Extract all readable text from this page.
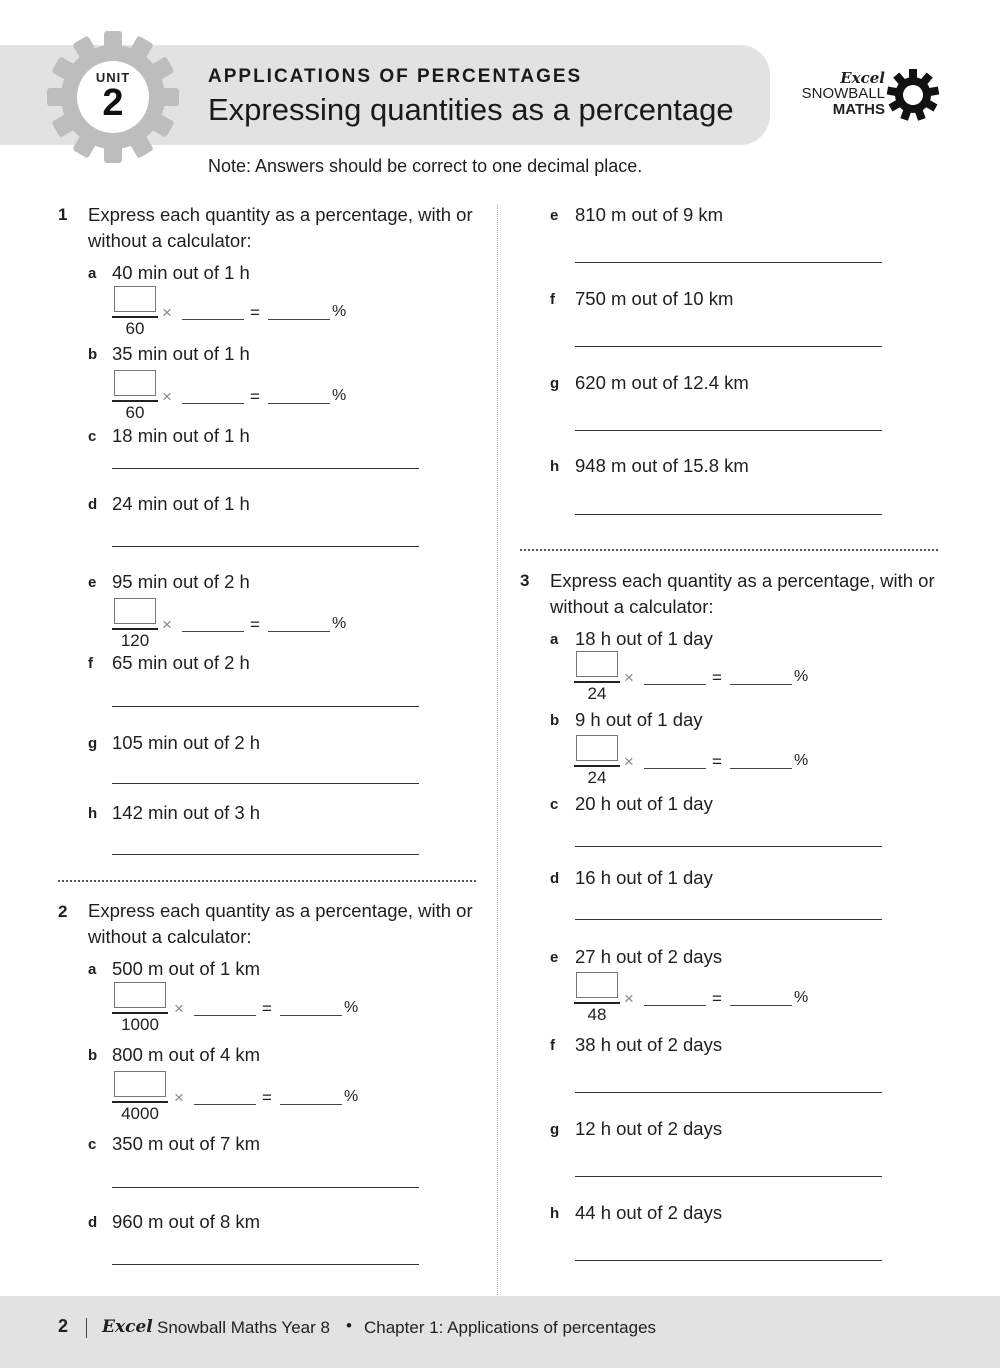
UNIT
2
APPLICATIONS OF PERCENTAGES
Expressing quantities as a percentage
Excel
SNOWBALL
MATHS
Note: Answers should be correct to one decimal place.
1 Express each quantity as a percentage, with or without a calculator:
a 40 min out of 1 h
60
×	=	%
b 35 min out of 1 h
60
×	=	%
c 18 min out of 1 h
d 24 min out of 1 h
e 95 min out of 2 h
120
×	=	%
f 65 min out of 2 h
g 105 min out of 2 h
h 142 min out of 3 h
2 Express each quantity as a percentage, with or without a calculator:
a 500 m out of 1 km
1000
×	=	%
b 800 m out of 4 km
4000
×	=	%
c 350 m out of 7 km
d 960 m out of 8 km
e 810 m out of 9 km
f 750 m out of 10 km
g 620 m out of 12.4 km
h 948 m out of 15.8 km
3 Express each quantity as a percentage, with or without a calculator:
a 18 h out of 1 day
24
×	=	%
b 9 h out of 1 day
24
×	=	%
c 20 h out of 1 day
d 16 h out of 1 day
e 27 h out of 2 days
48
×	=	%
f 38 h out of 2 days
g 12 h out of 2 days
h 44 h out of 2 days
2 Excel Snowball Maths Year 8 • Chapter 1: Applications of percentages
